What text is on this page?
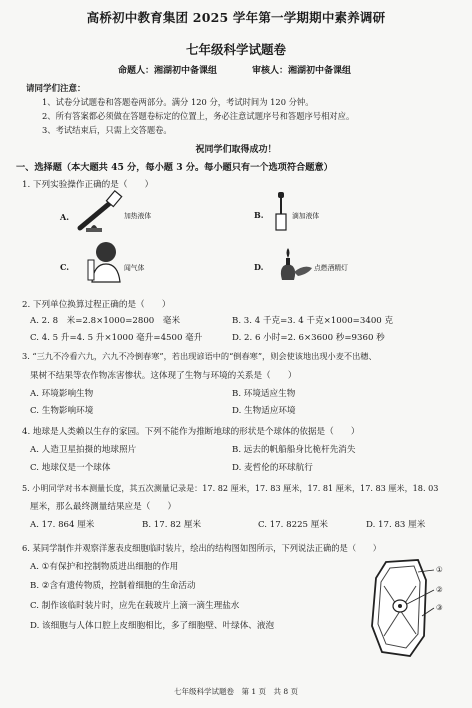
高桥初中教育集团 2025 学年第一学期期中素养调研
七年级科学试题卷
命题人：湘湖初中备课组	审核人：湘湖初中备课组
请同学们注意：
1、试卷分试题卷和答题卷两部分。满分 120 分，考试时间为 120 分钟。
2、所有答案都必须做在答题卷标定的位置上，务必注意试题序号和答题序号相对应。
3、考试结束后，只需上交答题卷。
祝同学们取得成功！
一、选择题（本大题共 45 分，每小题 3 分。每小题只有一个选项符合题意）
1. 下列实验操作正确的是（　　）
A.	加热液体	B.	滴加液体
C.	闻气体	D.	点燃酒精灯
2. 下列单位换算过程正确的是（　　）
A. 2. 8　米=2.8×1000=2800　毫米	B. 3. 4 千克=3. 4 千克×1000=3400 克
C. 4. 5 升=4. 5 升×1000 毫升=4500 毫升	D. 2. 6 小时=2. 6×3600 秒=9360 秒
3. “三九不冷看六九，六九不冷倒春寒”，若出现谚语中的“倒春寒”，则会使该地出现小麦不出穗、
果树不结果等农作物冻害惨状。这体现了生物与环境的关系是（　　）
A. 环境影响生物	B. 环境适应生物
C. 生物影响环境	D. 生物适应环境
4. 地球是人类赖以生存的家园。下列不能作为推断地球的形状是个球体的依据是（　　）
A. 人造卫星拍摄的地球照片	B. 远去的帆船船身比桅杆先消失
C. 地球仪是一个球体	D. 麦哲伦的环球航行
5. 小明同学对书本测量长度，其五次测量记录是：17. 82 厘米，17. 83 厘米，17. 81 厘米，17. 83 厘米，18. 03
厘米，那么最终测量结果应是（　　）
A. 17. 864 厘米	B. 17. 82 厘米	C. 17. 8225 厘米	D. 17. 83 厘米
6. 某同学制作并观察洋葱表皮细胞临时装片，绘出的结构图如图所示，下列说法正确的是（　　）
A. ①有保护和控制物质进出细胞的作用
B. ②含有遗传物质，控制着细胞的生命活动
C. 制作该临时装片时，应先在载玻片上滴一滴生理盐水
D. 该细胞与人体口腔上皮细胞相比，多了细胞壁、叶绿体、液泡
①
②
③
七年级科学试题卷　第 1 页　共 8 页
